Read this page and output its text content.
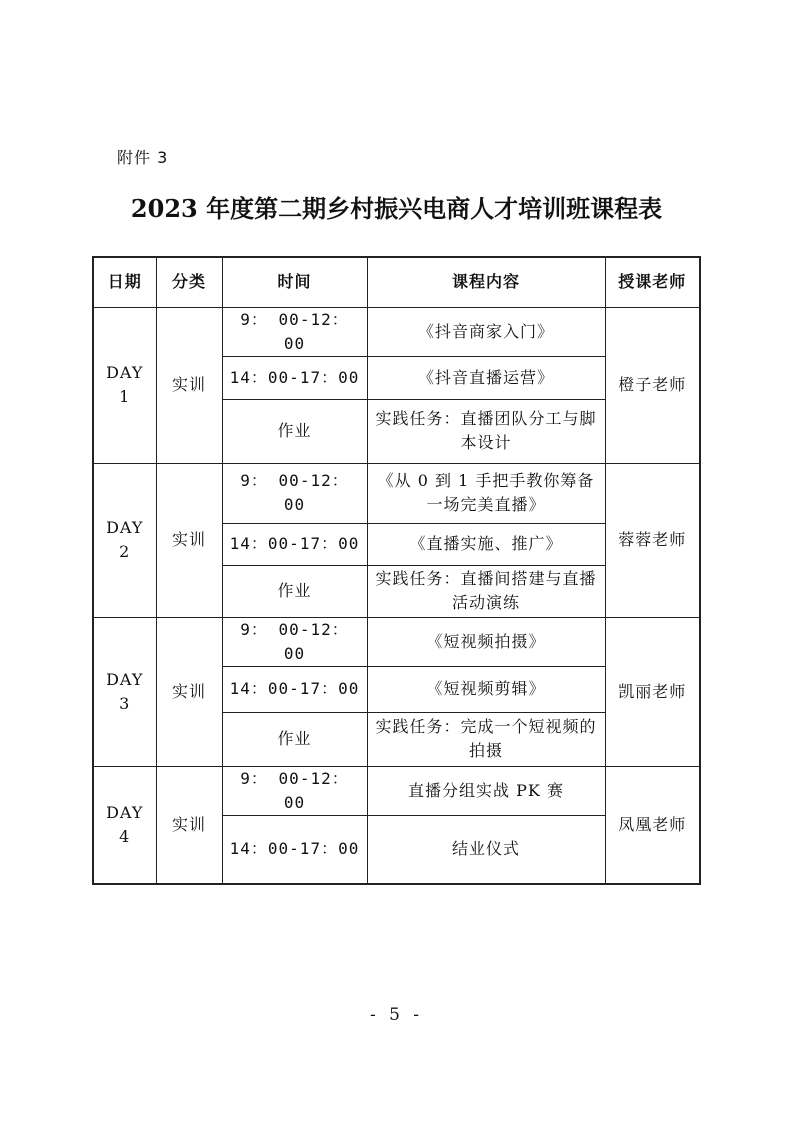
附件 3
2023 年度第二期乡村振兴电商人才培训班课程表
日期	分类	时间	课程内容	授课老师
DAY 1	实训	9： 00-12： 00	《抖音商家入门》	橙子老师
		14：00-17：00	《抖音直播运营》	
		作业	实践任务：直播团队分工与脚本设计	
DAY 2	实训	9： 00-12： 00	《从 0 到 1 手把手教你筹备一场完美直播》	蓉蓉老师
		14：00-17：00	《直播实施、推广》	
		作业	实践任务：直播间搭建与直播活动演练	
DAY 3	实训	9： 00-12： 00	《短视频拍摄》	凯丽老师
		14：00-17：00	《短视频剪辑》	
		作业	实践任务：完成一个短视频的拍摄	
DAY 4	实训	9： 00-12： 00	直播分组实战 PK 赛	凤凰老师
		14：00-17：00	结业仪式	
- 5 -
